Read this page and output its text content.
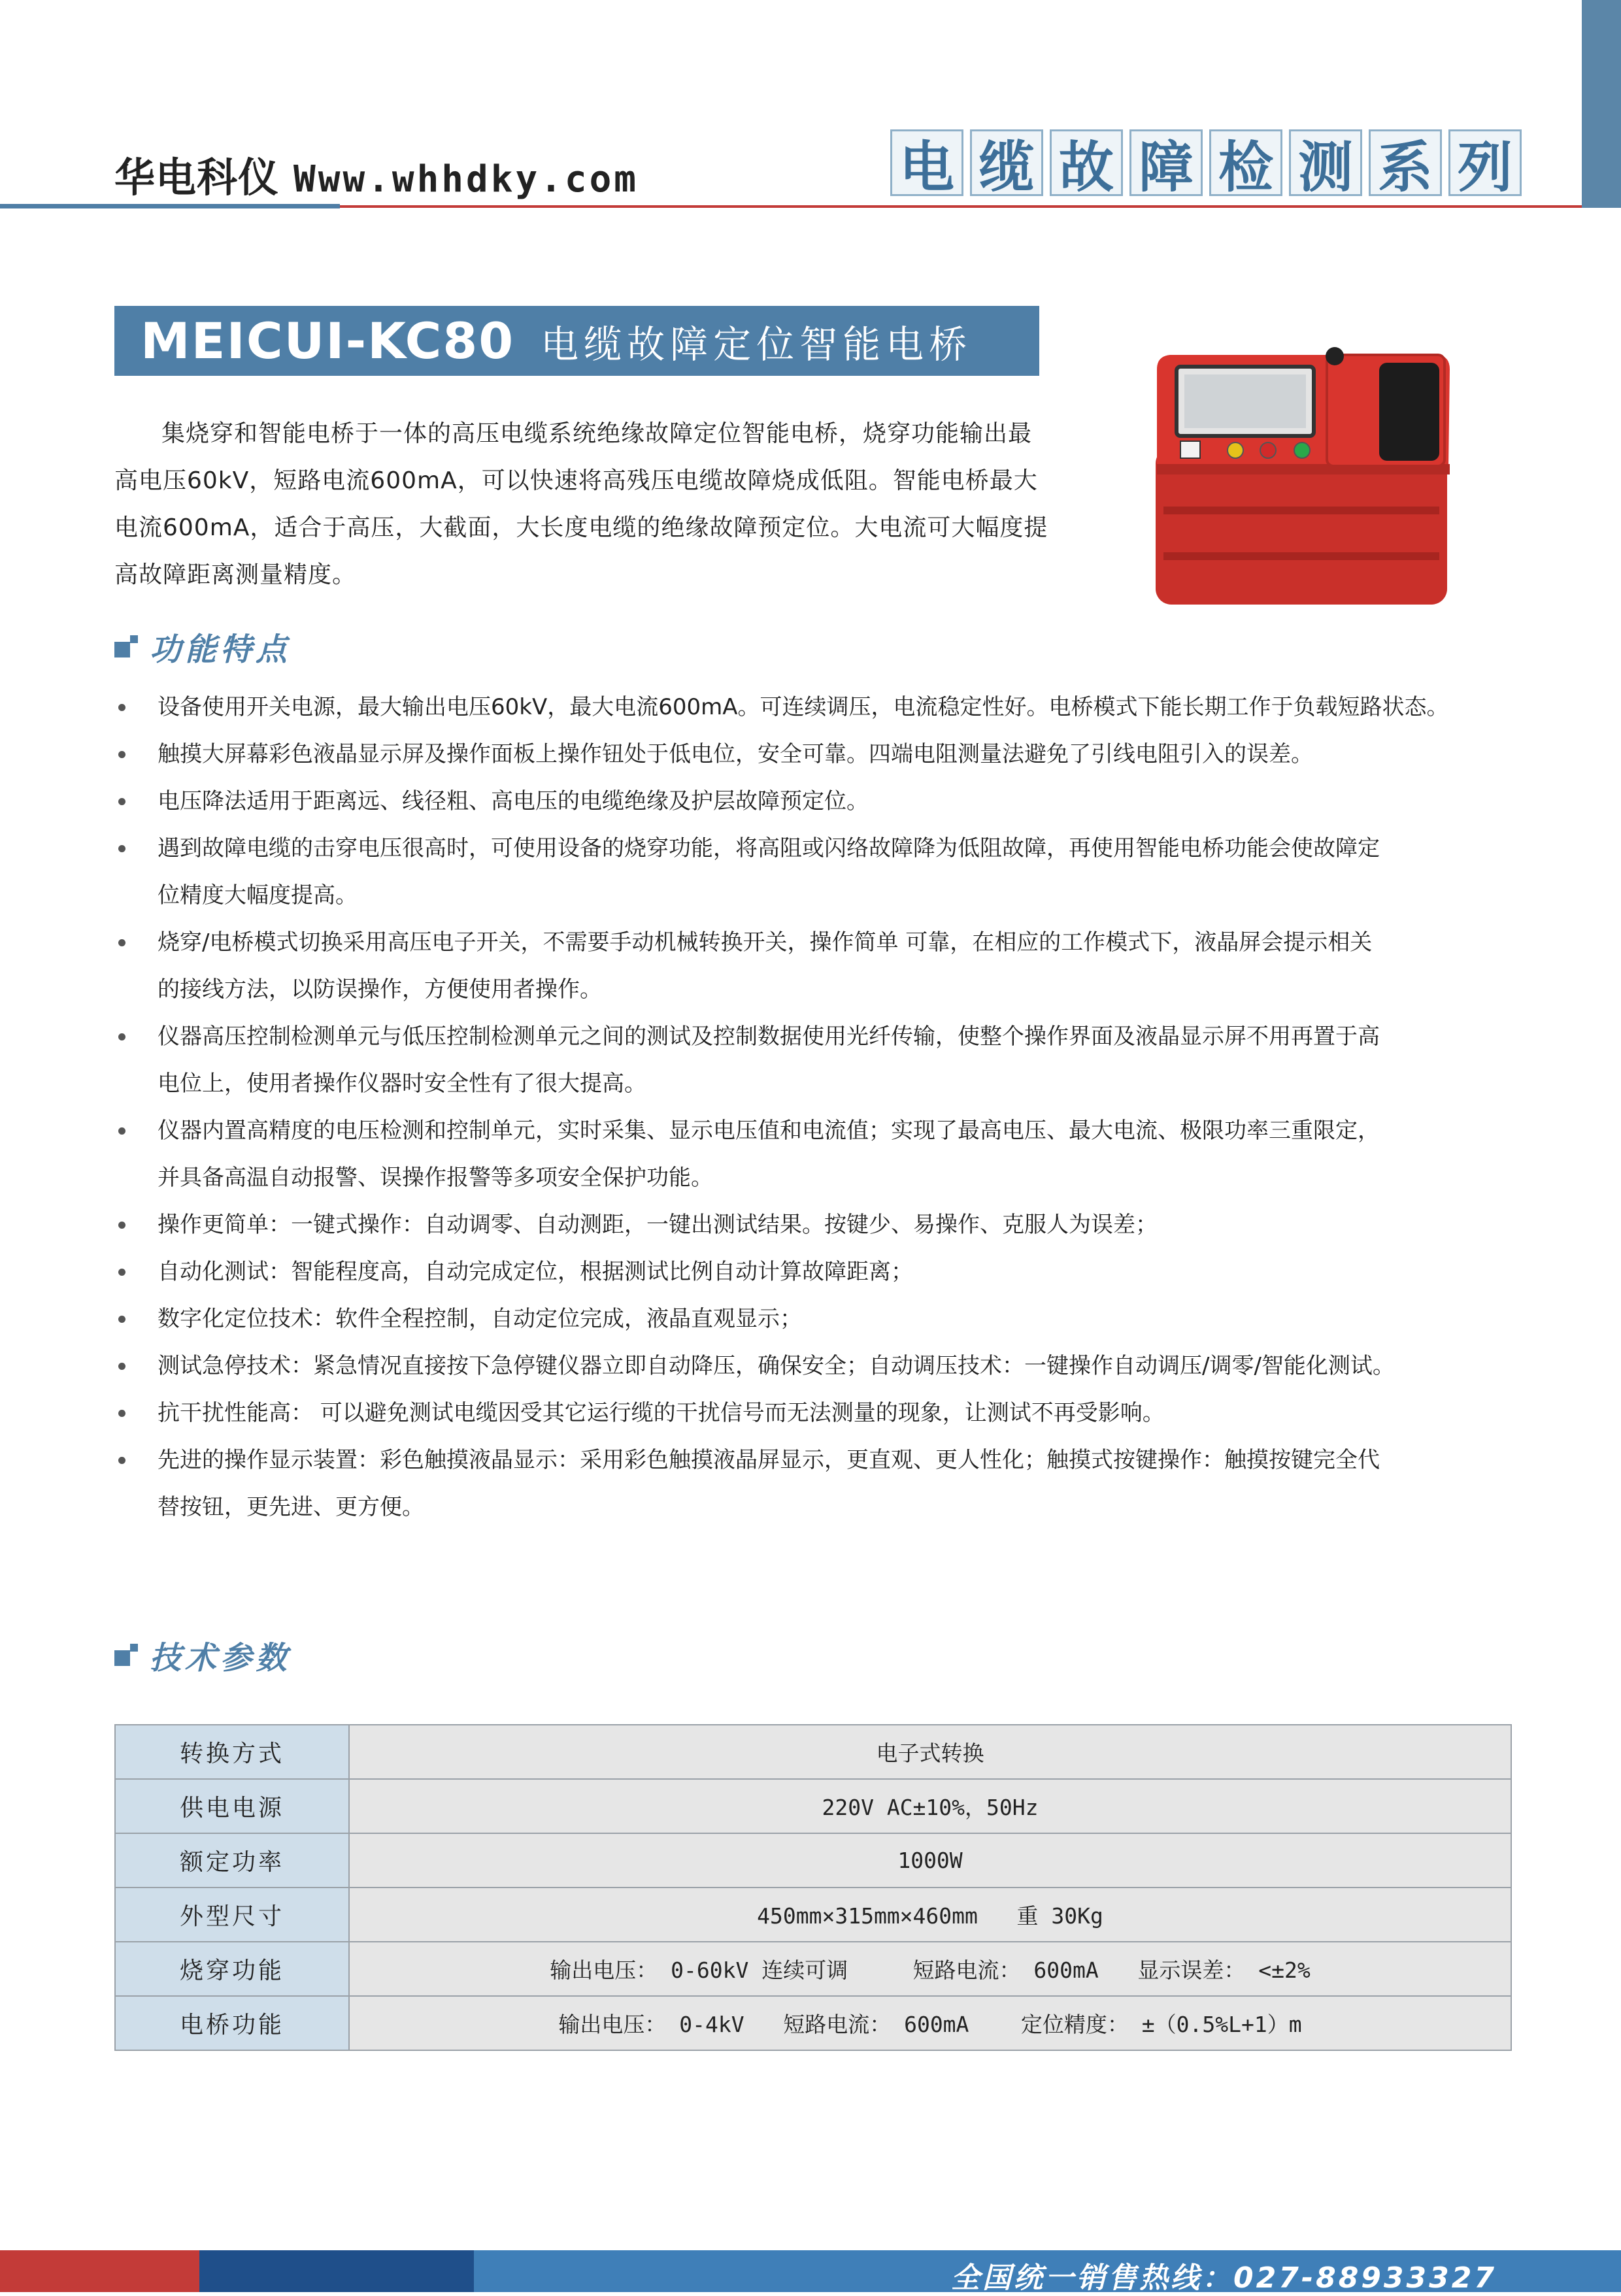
华电科仪 Www.whhdky.com	电 缆 故 障 检 测 系 列
MEICUI-KC80 电缆故障定位智能电桥

集烧穿和智能电桥于一体的高压电缆系统绝缘故障定位智能电桥，烧穿功能输出最高电压60kV，短路电流600mA，可以快速将高残压电缆故障烧成低阻。智能电桥最大电流600mA，适合于高压，大截面，大长度电缆的绝缘故障预定位。大电流可大幅度提高故障距离测量精度。

功能特点
设备使用开关电源，最大输出电压60kV，最大电流600mA。可连续调压，电流稳定性好。电桥模式下能长期工作于负载短路状态。
触摸大屏幕彩色液晶显示屏及操作面板上操作钮处于低电位，安全可靠。四端电阻测量法避免了引线电阻引入的误差。
电压降法适用于距离远、线径粗、高电压的电缆绝缘及护层故障预定位。
遇到故障电缆的击穿电压很高时，可使用设备的烧穿功能，将高阻或闪络故障降为低阻故障，再使用智能电桥功能会使故障定
位精度大幅度提高。
烧穿/电桥模式切换采用高压电子开关，不需要手动机械转换开关，操作简单 可靠，在相应的工作模式下，液晶屏会提示相关
的接线方法，以防误操作，方便使用者操作。
仪器高压控制检测单元与低压控制检测单元之间的测试及控制数据使用光纤传输，使整个操作界面及液晶显示屏不用再置于高
电位上，使用者操作仪器时安全性有了很大提高。
仪器内置高精度的电压检测和控制单元，实时采集、显示电压值和电流值；实现了最高电压、最大电流、极限功率三重限定，
并具备高温自动报警、误操作报警等多项安全保护功能。
操作更简单：一键式操作：自动调零、自动测距，一键出测试结果。按键少、易操作、克服人为误差；
自动化测试：智能程度高，自动完成定位，根据测试比例自动计算故障距离；
数字化定位技术：软件全程控制，自动定位完成，液晶直观显示；
测试急停技术：紧急情况直接按下急停键仪器立即自动降压，确保安全；自动调压技术：一键操作自动调压/调零/智能化测试。
抗干扰性能高： 可以避免测试电缆因受其它运行缆的干扰信号而无法测量的现象，让测试不再受影响。
先进的操作显示装置：彩色触摸液晶显示：采用彩色触摸液晶屏显示，更直观、更人性化；触摸式按键操作：触摸按键完全代
替按钮，更先进、更方便。
技术参数
转换方式	电子式转换
供电电源	220V AC±10%，50Hz
额定功率	1000W
外型尺寸	450mm×315mm×460mm   重 30Kg
烧穿功能	输出电压： 0-60kV 连续可调     短路电流： 600mA   显示误差： <±2%
电桥功能	输出电压： 0-4kV   短路电流： 600mA    定位精度： ±（0.5%L+1）m
全国统一销售热线：027-88933327
